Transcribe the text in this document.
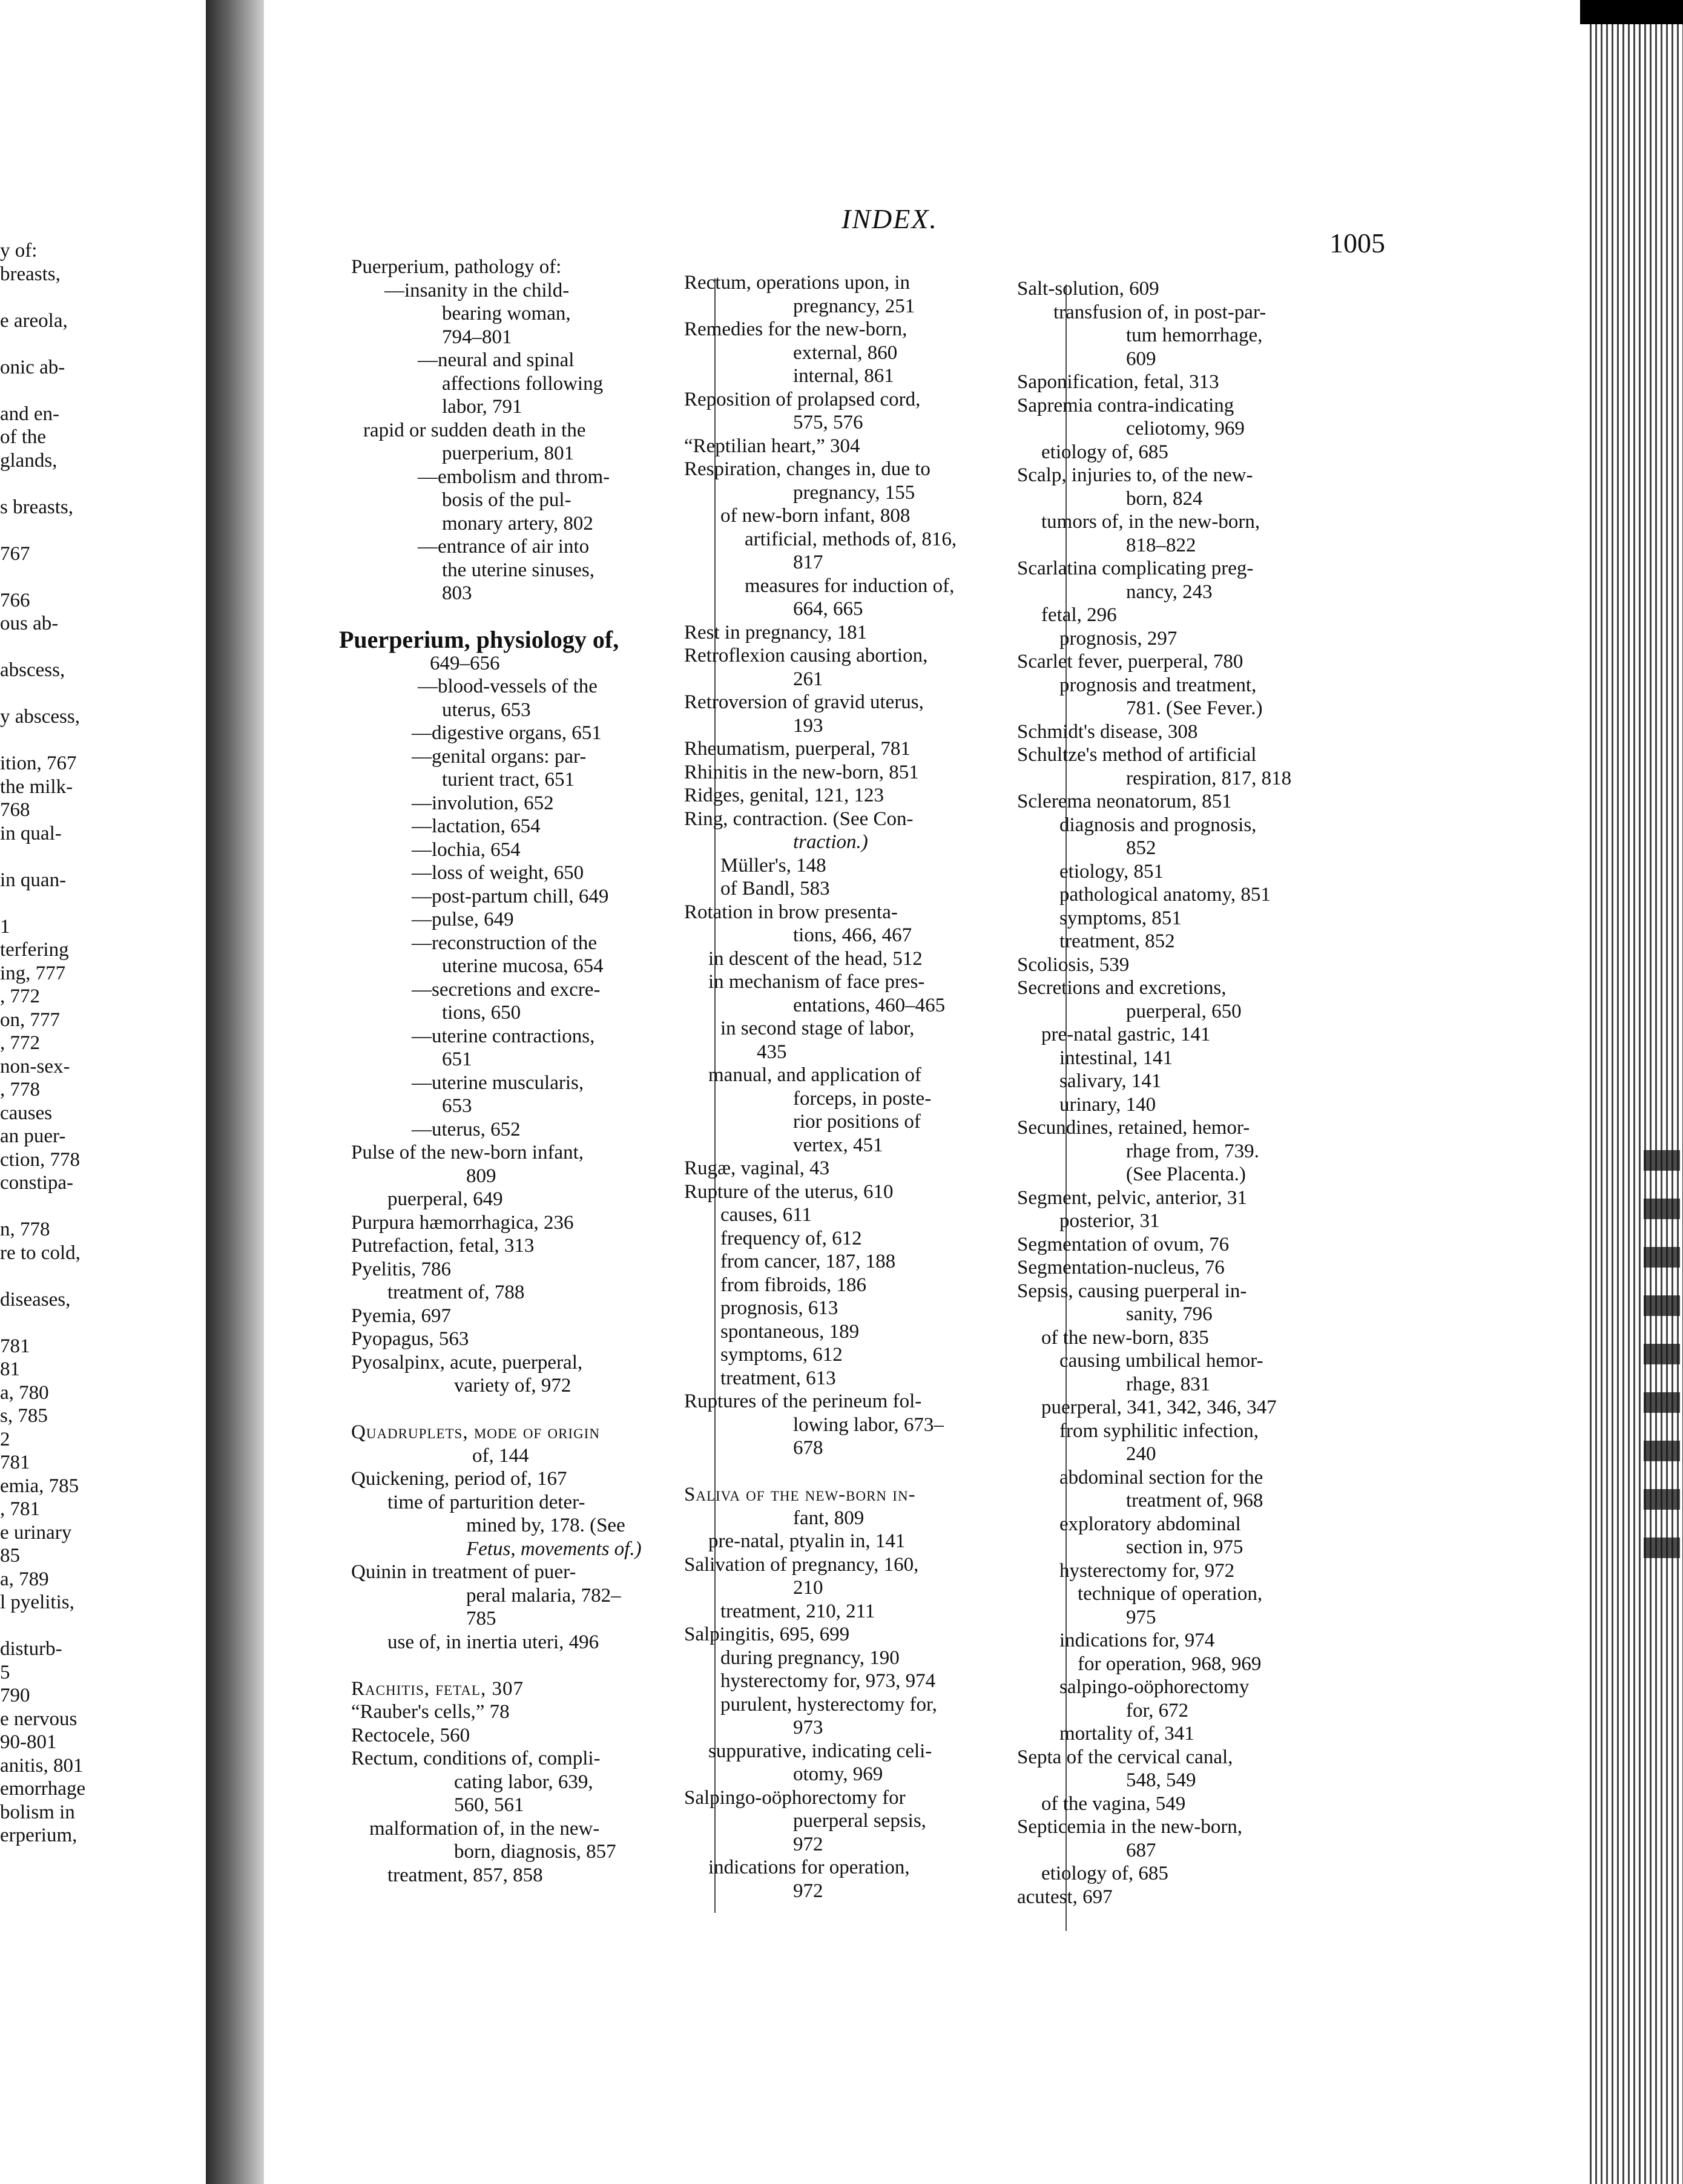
y of:
breasts,
e areola,
onic ab-
and en-
of the
glands,
s breasts,
767
766
ous ab-
abscess,
y abscess,
ition, 767
the milk-
768
in qual-
in quan-
1
terfering
ing, 777
, 772
on, 777
, 772
non-sex-
, 778
causes
an puer-
ction, 778
constipa-
n, 778
re to cold,
diseases,
781
81
a, 780
s, 785
2
781
emia, 785
, 781
e urinary
85
a, 789
l pyelitis,
disturb-
5
790
e nervous
90-801
anitis, 801
emorrhage
bolism in
erperium,
INDEX.
1005
Puerperium, pathology of:
—insanity in the child-
bearing woman,
794–801
—neural and spinal
affections following
labor, 791
rapid or sudden death in the
puerperium, 801
—embolism and throm-
bosis of the pul-
monary artery, 802
—entrance of air into
the uterine sinuses,
803
Puerperium, physiology of,
649–656
—blood-vessels of the
uterus, 653
—digestive organs, 651
—genital organs: par-
turient tract, 651
—involution, 652
—lactation, 654
—lochia, 654
—loss of weight, 650
—post-partum chill, 649
—pulse, 649
—reconstruction of the
uterine mucosa, 654
—secretions and excre-
tions, 650
—uterine contractions,
651
—uterine muscularis,
653
—uterus, 652
Pulse of the new-born infant,
809
puerperal, 649
Purpura hæmorrhagica, 236
Putrefaction, fetal, 313
Pyelitis, 786
treatment of, 788
Pyemia, 697
Pyopagus, 563
Pyosalpinx, acute, puerperal,
variety of, 972
Quadruplets, mode of origin
of, 144
Quickening, period of, 167
time of parturition deter-
mined by, 178. (See
Fetus, movements of.)
Quinin in treatment of puer-
peral malaria, 782–
785
use of, in inertia uteri, 496
Rachitis, fetal, 307
“Rauber's cells,” 78
Rectocele, 560
Rectum, conditions of, compli-
cating labor, 639,
560, 561
malformation of, in the new-
born, diagnosis, 857
treatment, 857, 858
Rectum, operations upon, in
pregnancy, 251
Remedies for the new-born,
external, 860
internal, 861
Reposition of prolapsed cord,
575, 576
“Reptilian heart,” 304
Respiration, changes in, due to
pregnancy, 155
of new-born infant, 808
artificial, methods of, 816,
817
measures for induction of,
664, 665
Rest in pregnancy, 181
Retroflexion causing abortion,
261
Retroversion of gravid uterus,
193
Rheumatism, puerperal, 781
Rhinitis in the new-born, 851
Ridges, genital, 121, 123
Ring, contraction. (See Con-
traction.)
Müller's, 148
of Bandl, 583
Rotation in brow presenta-
tions, 466, 467
in descent of the head, 512
in mechanism of face pres-
entations, 460–465
in second stage of labor,
435
manual, and application of
forceps, in poste-
rior positions of
vertex, 451
Rugæ, vaginal, 43
Rupture of the uterus, 610
causes, 611
frequency of, 612
from cancer, 187, 188
from fibroids, 186
prognosis, 613
spontaneous, 189
symptoms, 612
treatment, 613
Ruptures of the perineum fol-
lowing labor, 673–
678
Saliva of the new-born in-
fant, 809
pre-natal, ptyalin in, 141
Salivation of pregnancy, 160,
210
treatment, 210, 211
Salpingitis, 695, 699
during pregnancy, 190
hysterectomy for, 973, 974
purulent, hysterectomy for,
973
suppurative, indicating celi-
otomy, 969
Salpingo-oöphorectomy for
puerperal sepsis,
972
indications for operation,
972
Salt-solution, 609
transfusion of, in post-par-
tum hemorrhage,
609
Saponification, fetal, 313
Sapremia contra-indicating
celiotomy, 969
etiology of, 685
Scalp, injuries to, of the new-
born, 824
tumors of, in the new-born,
818–822
Scarlatina complicating preg-
nancy, 243
fetal, 296
prognosis, 297
Scarlet fever, puerperal, 780
prognosis and treatment,
781. (See Fever.)
Schmidt's disease, 308
Schultze's method of artificial
respiration, 817, 818
Sclerema neonatorum, 851
diagnosis and prognosis,
852
etiology, 851
pathological anatomy, 851
symptoms, 851
treatment, 852
Scoliosis, 539
Secretions and excretions,
puerperal, 650
pre-natal gastric, 141
intestinal, 141
salivary, 141
urinary, 140
Secundines, retained, hemor-
rhage from, 739.
(See Placenta.)
Segment, pelvic, anterior, 31
posterior, 31
Segmentation of ovum, 76
Segmentation-nucleus, 76
Sepsis, causing puerperal in-
sanity, 796
of the new-born, 835
causing umbilical hemor-
rhage, 831
puerperal, 341, 342, 346, 347
from syphilitic infection,
240
abdominal section for the
treatment of, 968
exploratory abdominal
section in, 975
hysterectomy for, 972
technique of operation,
975
indications for, 974
for operation, 968, 969
salpingo-oöphorectomy
for, 672
mortality of, 341
Septa of the cervical canal,
548, 549
of the vagina, 549
Septicemia in the new-born,
687
etiology of, 685
acutest, 697
